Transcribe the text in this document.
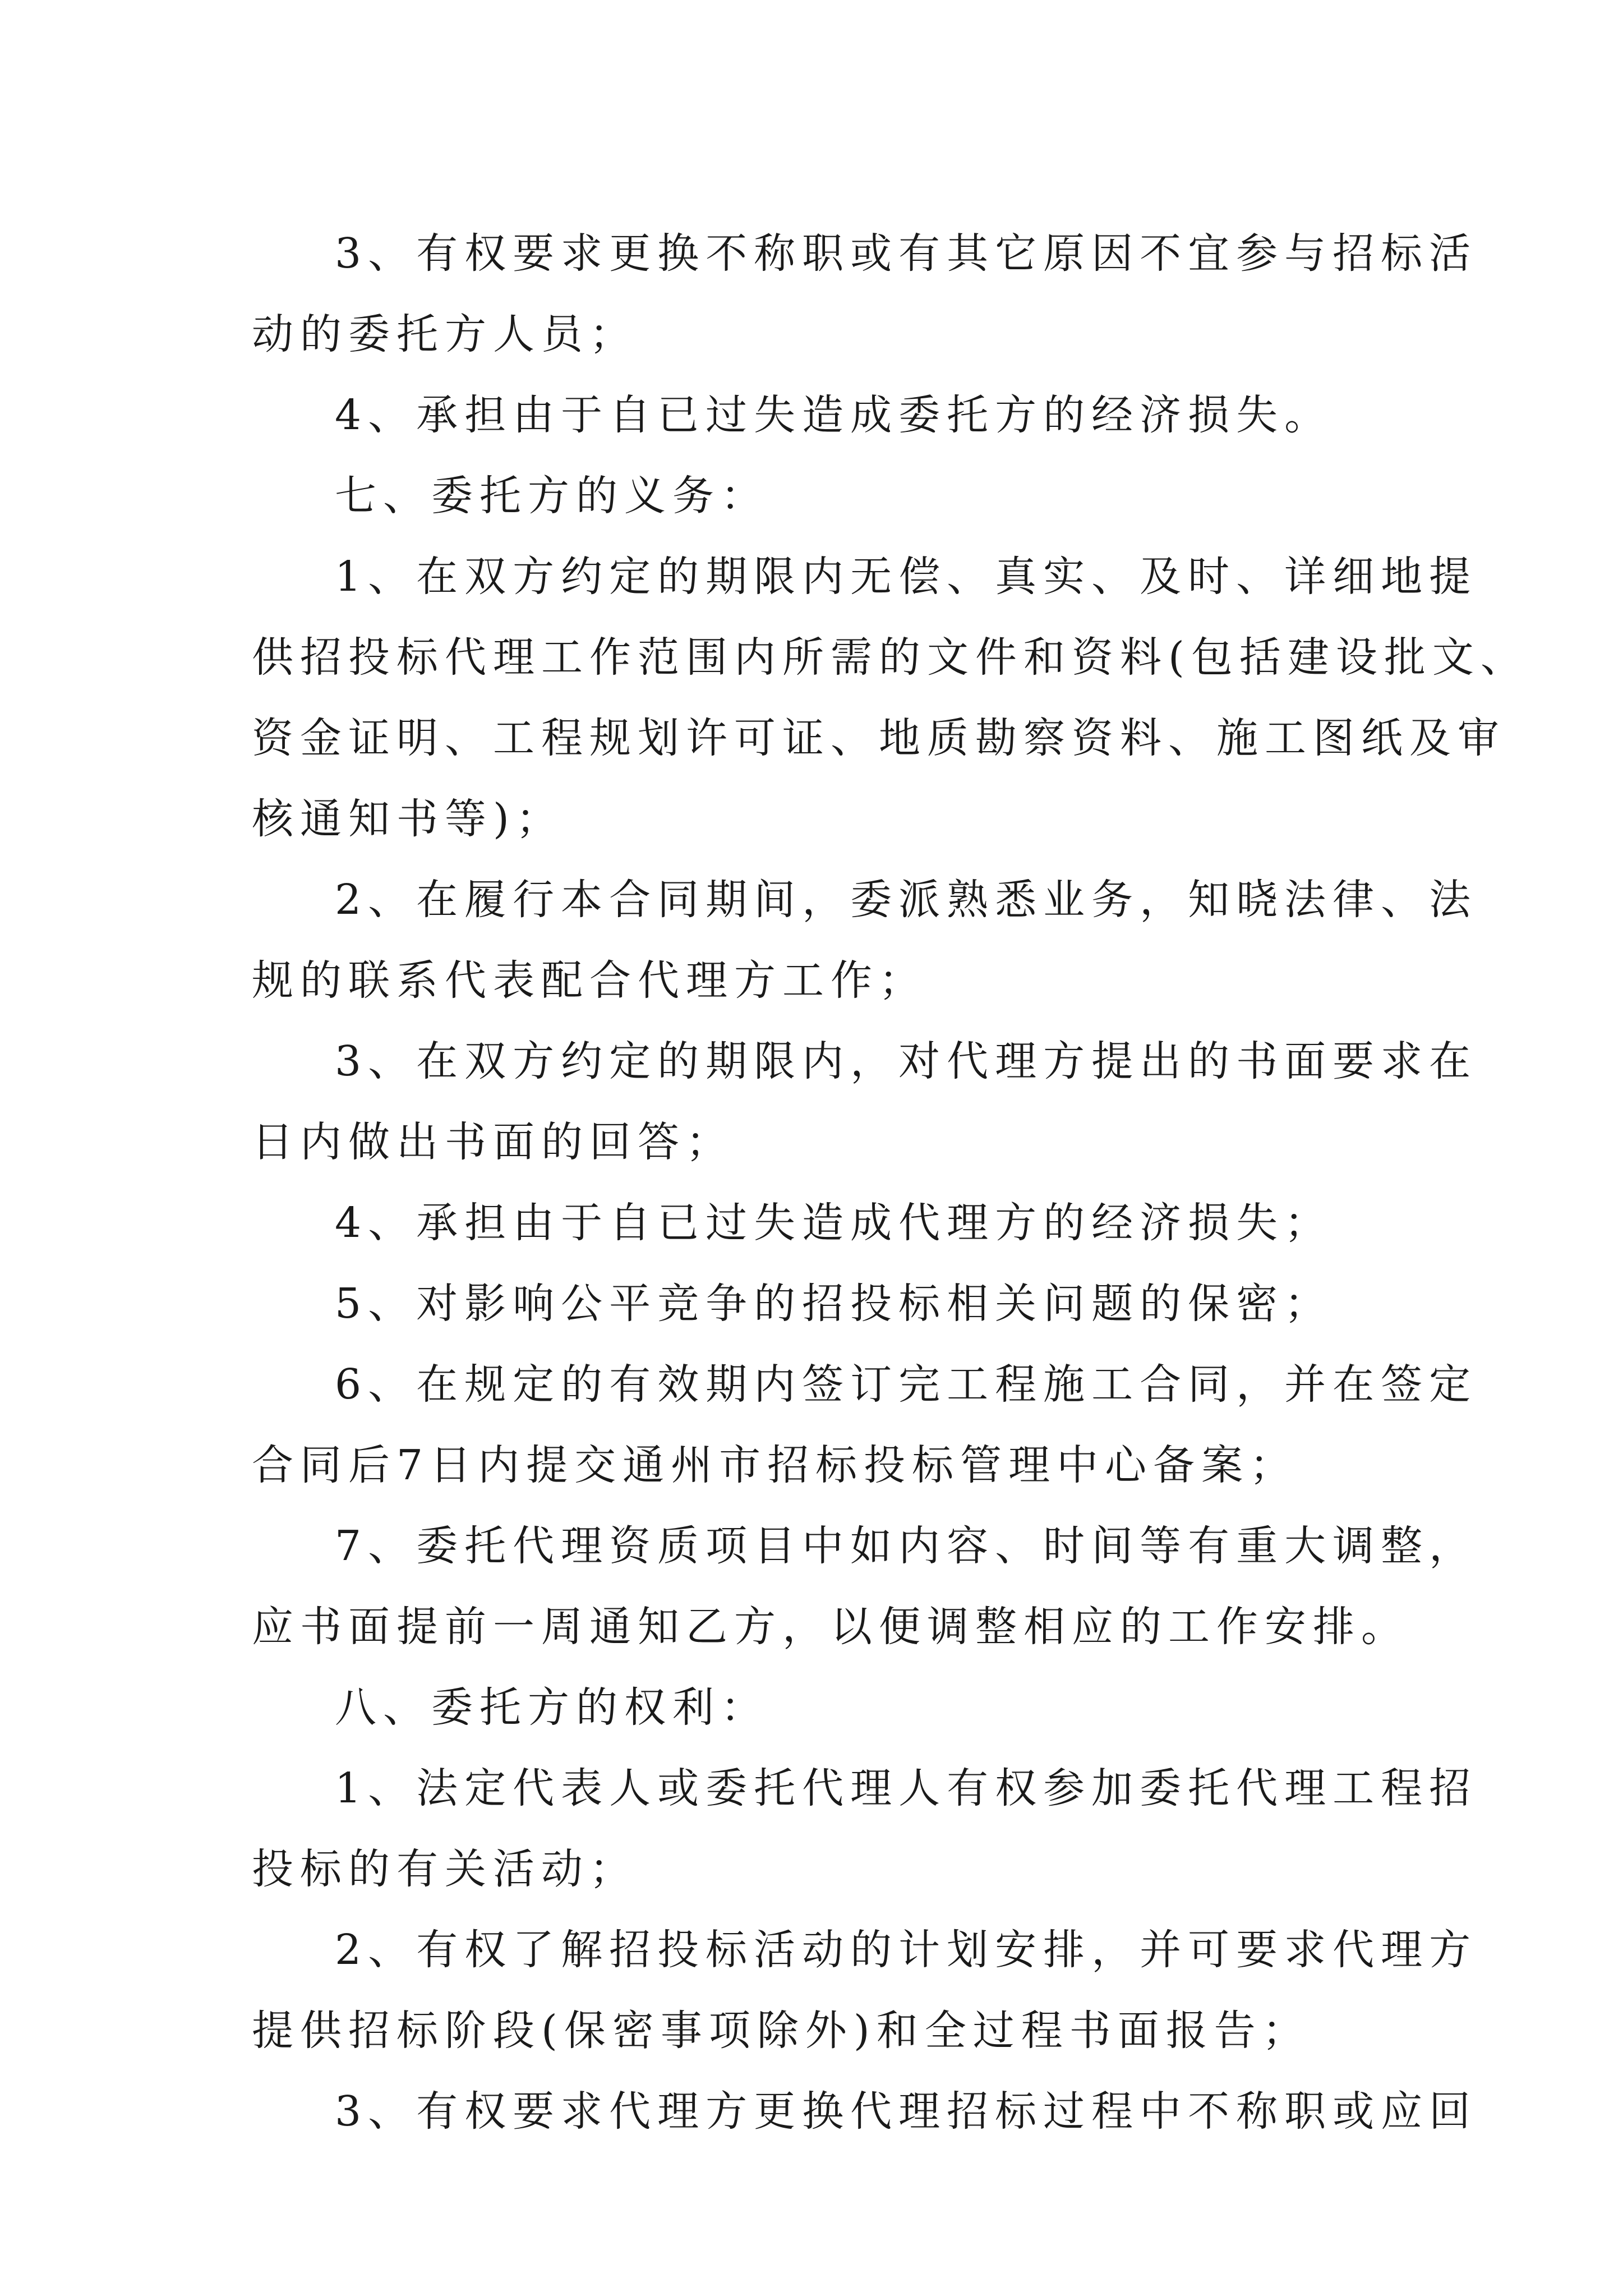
3、有权要求更换不称职或有其它原因不宜参与招标活
动的委托方人员；
4、承担由于自已过失造成委托方的经济损失。
七、委托方的义务：
1、在双方约定的期限内无偿、真实、及时、详细地提
供招投标代理工作范围内所需的文件和资料(包括建设批文、
资金证明、工程规划许可证、地质勘察资料、施工图纸及审
核通知书等)；
2、在履行本合同期间，委派熟悉业务，知晓法律、法
规的联系代表配合代理方工作；
3、在双方约定的期限内，对代理方提出的书面要求在
日内做出书面的回答；
4、承担由于自已过失造成代理方的经济损失；
5、对影响公平竞争的招投标相关问题的保密；
6、在规定的有效期内签订完工程施工合同，并在签定
合同后7日内提交通州市招标投标管理中心备案；
7、委托代理资质项目中如内容、时间等有重大调整，
应书面提前一周通知乙方，以便调整相应的工作安排。
八、委托方的权利：
1、法定代表人或委托代理人有权参加委托代理工程招
投标的有关活动；
2、有权了解招投标活动的计划安排，并可要求代理方
提供招标阶段(保密事项除外)和全过程书面报告；
3、有权要求代理方更换代理招标过程中不称职或应回
